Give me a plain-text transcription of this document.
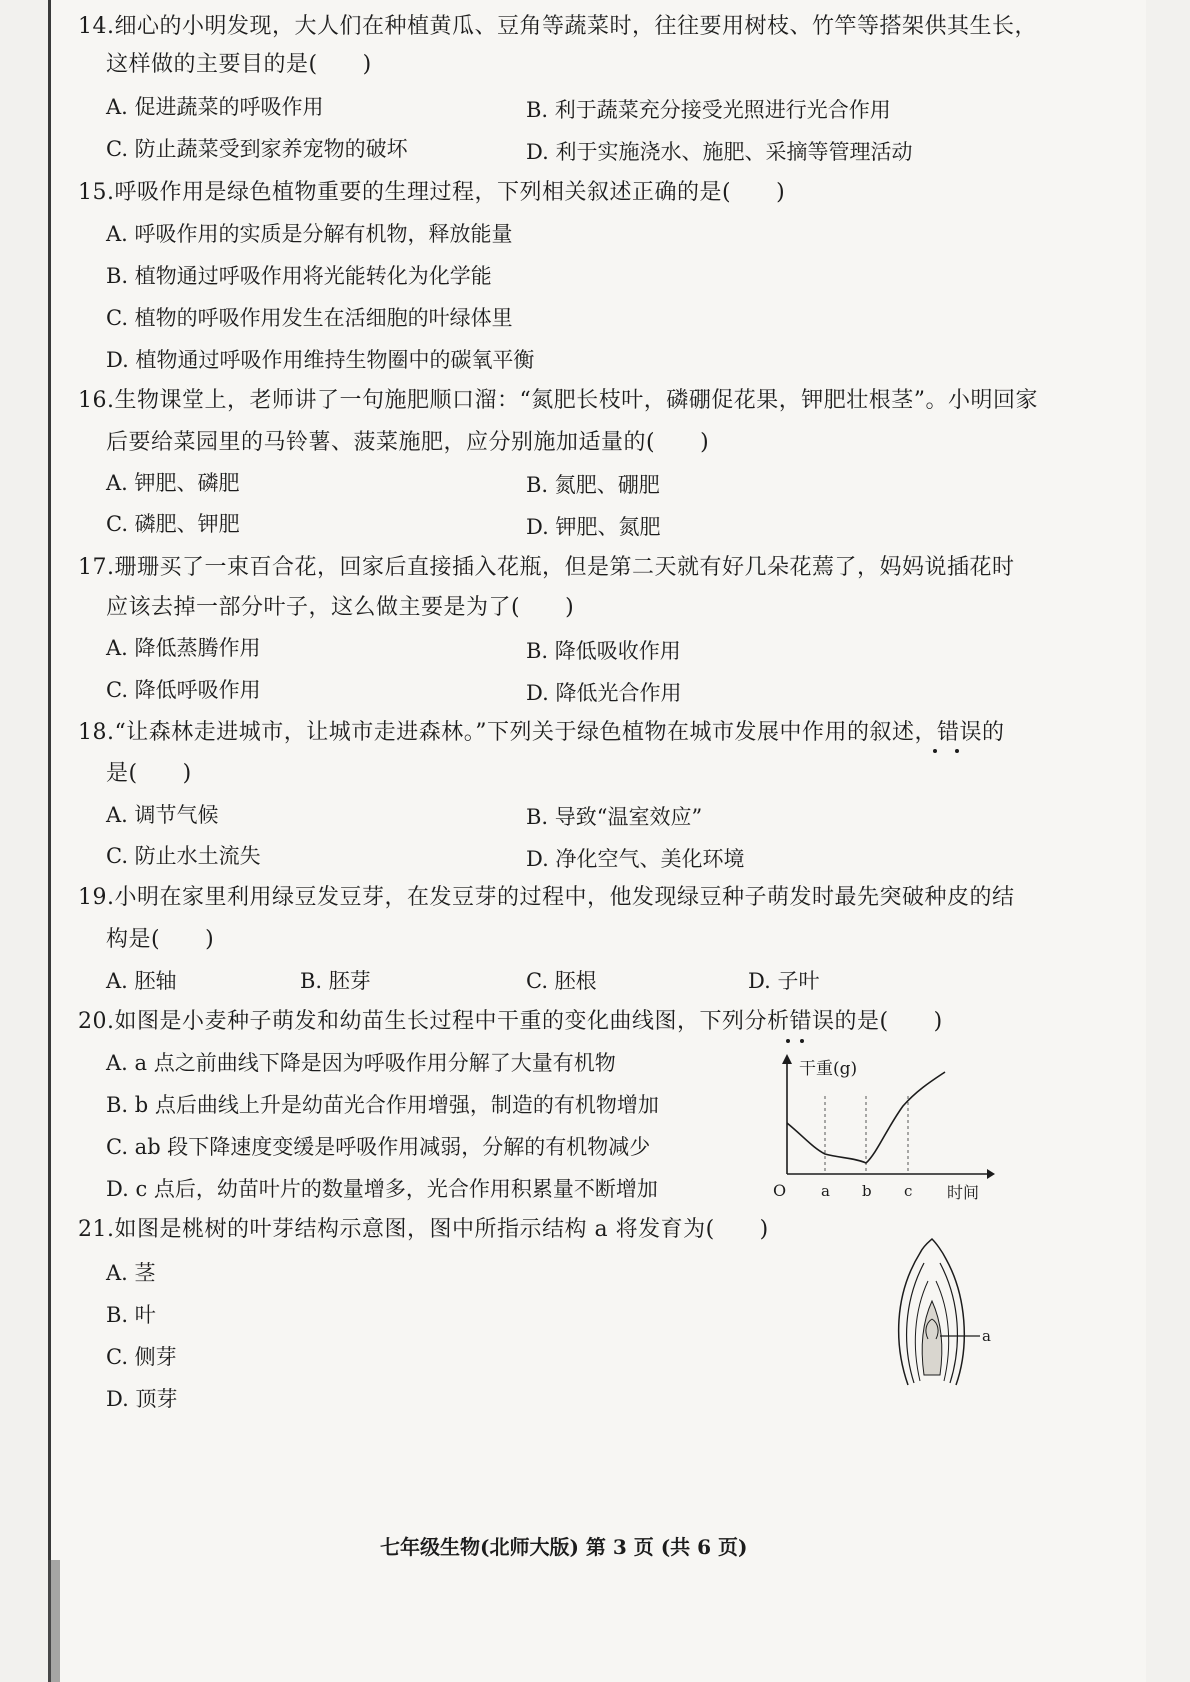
14.细心的小明发现，大人们在种植黄瓜、豆角等蔬菜时，往往要用树枝、竹竿等搭架供其生长，
这样做的主要目的是(　　)
A. 促进蔬菜的呼吸作用	B. 利于蔬菜充分接受光照进行光合作用
C. 防止蔬菜受到家养宠物的破坏	D. 利于实施浇水、施肥、采摘等管理活动
15.呼吸作用是绿色植物重要的生理过程，下列相关叙述正确的是(　　)
A. 呼吸作用的实质是分解有机物，释放能量
B. 植物通过呼吸作用将光能转化为化学能
C. 植物的呼吸作用发生在活细胞的叶绿体里
D. 植物通过呼吸作用维持生物圈中的碳氧平衡
16.生物课堂上，老师讲了一句施肥顺口溜：“氮肥长枝叶，磷硼促花果，钾肥壮根茎”。小明回家
后要给菜园里的马铃薯、菠菜施肥，应分别施加适量的(　　)
A. 钾肥、磷肥	B. 氮肥、硼肥
C. 磷肥、钾肥	D. 钾肥、氮肥
17.珊珊买了一束百合花，回家后直接插入花瓶，但是第二天就有好几朵花蔫了，妈妈说插花时
应该去掉一部分叶子，这么做主要是为了(　　)
A. 降低蒸腾作用	B. 降低吸收作用
C. 降低呼吸作用	D. 降低光合作用
18.“让森林走进城市，让城市走进森林。”下列关于绿色植物在城市发展中作用的叙述，错误的
是(　　)
A. 调节气候	B. 导致“温室效应”
C. 防止水土流失	D. 净化空气、美化环境
19.小明在家里利用绿豆发豆芽，在发豆芽的过程中，他发现绿豆种子萌发时最先突破种皮的结
构是(　　)
A. 胚轴	B. 胚芽	C. 胚根	D. 子叶
20.如图是小麦种子萌发和幼苗生长过程中干重的变化曲线图，下列分析错误的是(　　)
A. a 点之前曲线下降是因为呼吸作用分解了大量有机物
B. b 点后曲线上升是幼苗光合作用增强，制造的有机物增加
C. ab 段下降速度变缓是呼吸作用减弱，分解的有机物减少
D. c 点后，幼苗叶片的数量增多，光合作用积累量不断增加
干重(g)
O a b c 时间
21.如图是桃树的叶芽结构示意图，图中所指示结构 a 将发育为(　　)
A. 茎
B. 叶
C. 侧芽
D. 顶芽
a
七年级生物(北师大版) 第 3 页 (共 6 页)
